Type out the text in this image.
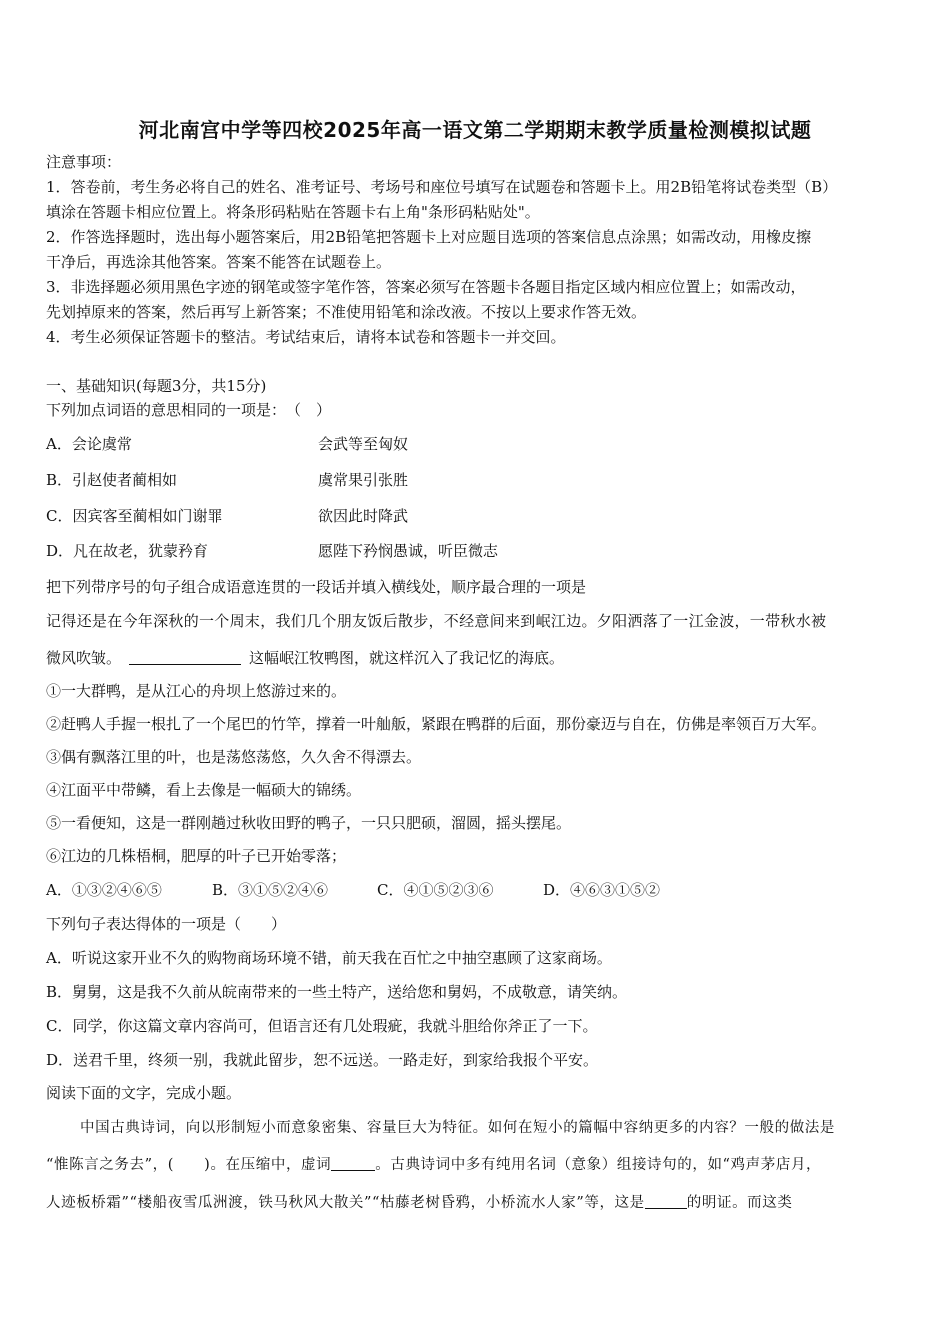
河北南宫中学等四校2025年高一语文第二学期期末教学质量检测模拟试题
注意事项：
1．答卷前，考生务必将自己的姓名、准考证号、考场号和座位号填写在试题卷和答题卡上。用2B铅笔将试卷类型（B）
填涂在答题卡相应位置上。将条形码粘贴在答题卡右上角"条形码粘贴处"。
2．作答选择题时，选出每小题答案后，用2B铅笔把答题卡上对应题目选项的答案信息点涂黑；如需改动，用橡皮擦
干净后，再选涂其他答案。答案不能答在试题卷上。
3．非选择题必须用黑色字迹的钢笔或签字笔作答，答案必须写在答题卡各题目指定区域内相应位置上；如需改动，
先划掉原来的答案，然后再写上新答案；不准使用铅笔和涂改液。不按以上要求作答无效。
4．考生必须保证答题卡的整洁。考试结束后，请将本试卷和答题卡一并交回。
一、基础知识(每题3分，共15分)
下列加点词语的意思相同的一项是：　（　）
A．会论虞常	会武等至匈奴
B．引赵使者蔺相如	虞常果引张胜
C．因宾客至蔺相如门谢罪	欲因此时降武
D．凡在故老，犹蒙矜育	愿陛下矜悯愚诚，听臣微志
把下列带序号的句子组合成语意连贯的一段话并填入横线处，顺序最合理的一项是
记得还是在今年深秋的一个周末，我们几个朋友饭后散步，不经意间来到岷江边。夕阳洒落了一江金波，一带秋水被
微风吹皱。	这幅岷江牧鸭图，就这样沉入了我记忆的海底。
①一大群鸭，是从江心的舟坝上悠游过来的。
②赶鸭人手握一根扎了一个尾巴的竹竿，撑着一叶舢舨，紧跟在鸭群的后面，那份豪迈与自在，仿佛是率领百万大军。
③偶有飘落江里的叶，也是荡悠荡悠，久久舍不得漂去。
④江面平中带鳞，看上去像是一幅硕大的锦绣。
⑤一看便知，这是一群刚趟过秋收田野的鸭子，一只只肥硕，溜圆，摇头摆尾。
⑥江边的几株梧桐，肥厚的叶子已开始零落；
A．①③②④⑥⑤	B．③①⑤②④⑥	C．④①⑤②③⑥	D．④⑥③①⑤②
下列句子表达得体的一项是（　　）
A．听说这家开业不久的购物商场环境不错，前天我在百忙之中抽空惠顾了这家商场。
B．舅舅，这是我不久前从皖南带来的一些土特产，送给您和舅妈，不成敬意，请笑纳。
C．同学，你这篇文章内容尚可，但语言还有几处瑕疵，我就斗胆给你斧正了一下。
D．送君千里，终须一别，我就此留步，恕不远送。一路走好，到家给我报个平安。
阅读下面的文字，完成小题。
中国古典诗词，向以形制短小而意象密集、容量巨大为特征。如何在短小的篇幅中容纳更多的内容？一般的做法是
“惟陈言之务去”，(　　)。在压缩中，虚词	。古典诗词中多有纯用名词（意象）组接诗句的，如“鸡声茅店月，
人迹板桥霜”“楼船夜雪瓜洲渡，铁马秋风大散关”“枯藤老树昏鸦，小桥流水人家”等，这是	的明证。而这类
